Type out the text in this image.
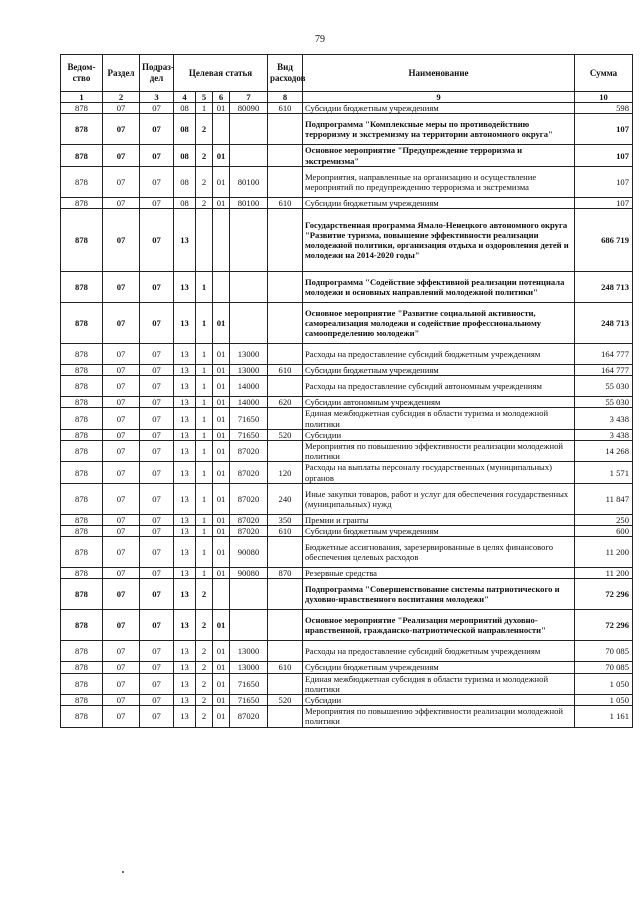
79
Ведом-ство	Раздел	Подраз-дел	Целевая статья				Вид расходов	Наименование	Сумма
1	2	3	4	5	6	7	8	9	10
878	07	07	08	1	01	80090	610	Субсидии бюджетным учреждениям	598
878	07	07	08	2				Подпрограмма "Комплексные меры по противодействию терроризму и экстремизму на территории автономного округа"	107
878	07	07	08	2	01			Основное мероприятие "Предупреждение терроризма и экстремизма"	107
878	07	07	08	2	01	80100		Мероприятия, направленные на организацию и осуществление мероприятий по предупреждению терроризма и экстремизма	107
878	07	07	08	2	01	80100	610	Субсидии бюджетным учреждениям	107
878	07	07	13					Государственная программа Ямало-Ненецкого автономного округа "Развитие туризма, повышение эффективности реализации молодежной политики, организация отдыха и оздоровления детей и молодежи на 2014-2020 годы"	686 719
878	07	07	13	1				Подпрограмма "Содействие эффективной реализации потенциала молодежи и основных направлений молодежной политики"	248 713
878	07	07	13	1	01			Основное мероприятие "Развитие социальной активности, самореализация молодежи и содействие профессиональному самоопределению молодежи"	248 713
878	07	07	13	1	01	13000		Расходы на предоставление субсидий бюджетным учреждениям	164 777
878	07	07	13	1	01	13000	610	Субсидии бюджетным учреждениям	164 777
878	07	07	13	1	01	14000		Расходы на предоставление субсидий автономным учреждениям	55 030
878	07	07	13	1	01	14000	620	Субсидии автономным учреждениям	55 030
878	07	07	13	1	01	71650		Единая межбюджетная субсидия в области туризма и молодежной политики	3 438
878	07	07	13	1	01	71650	520	Субсидии	3 438
878	07	07	13	1	01	87020		Мероприятия по повышению эффективности реализации молодежной политики	14 268
878	07	07	13	1	01	87020	120	Расходы на выплаты персоналу государственных (муниципальных) органов	1 571
878	07	07	13	1	01	87020	240	Иные закупки товаров, работ и услуг для обеспечения государственных (муниципальных) нужд	11 847
878	07	07	13	1	01	87020	350	Премии и гранты	250
878	07	07	13	1	01	87020	610	Субсидии бюджетным учреждениям	600
878	07	07	13	1	01	90080		Бюджетные ассигнования, зарезервированные в целях финансового обеспечения целевых расходов	11 200
878	07	07	13	1	01	90080	870	Резервные средства	11 200
878	07	07	13	2				Подпрограмма "Совершенствование системы патриотического и духовно-нравственного воспитания молодежи"	72 296
878	07	07	13	2	01			Основное мероприятие "Реализация мероприятий духовно-нравственной, гражданско-патриотической направленности"	72 296
878	07	07	13	2	01	13000		Расходы на предоставление субсидий бюджетным учреждениям	70 085
878	07	07	13	2	01	13000	610	Субсидии бюджетным учреждениям	70 085
878	07	07	13	2	01	71650		Единая межбюджетная субсидия в области туризма и молодежной политики	1 050
878	07	07	13	2	01	71650	520	Субсидии	1 050
878	07	07	13	2	01	87020		Мероприятия по повышению эффективности реализации молодежной политики	1 161
